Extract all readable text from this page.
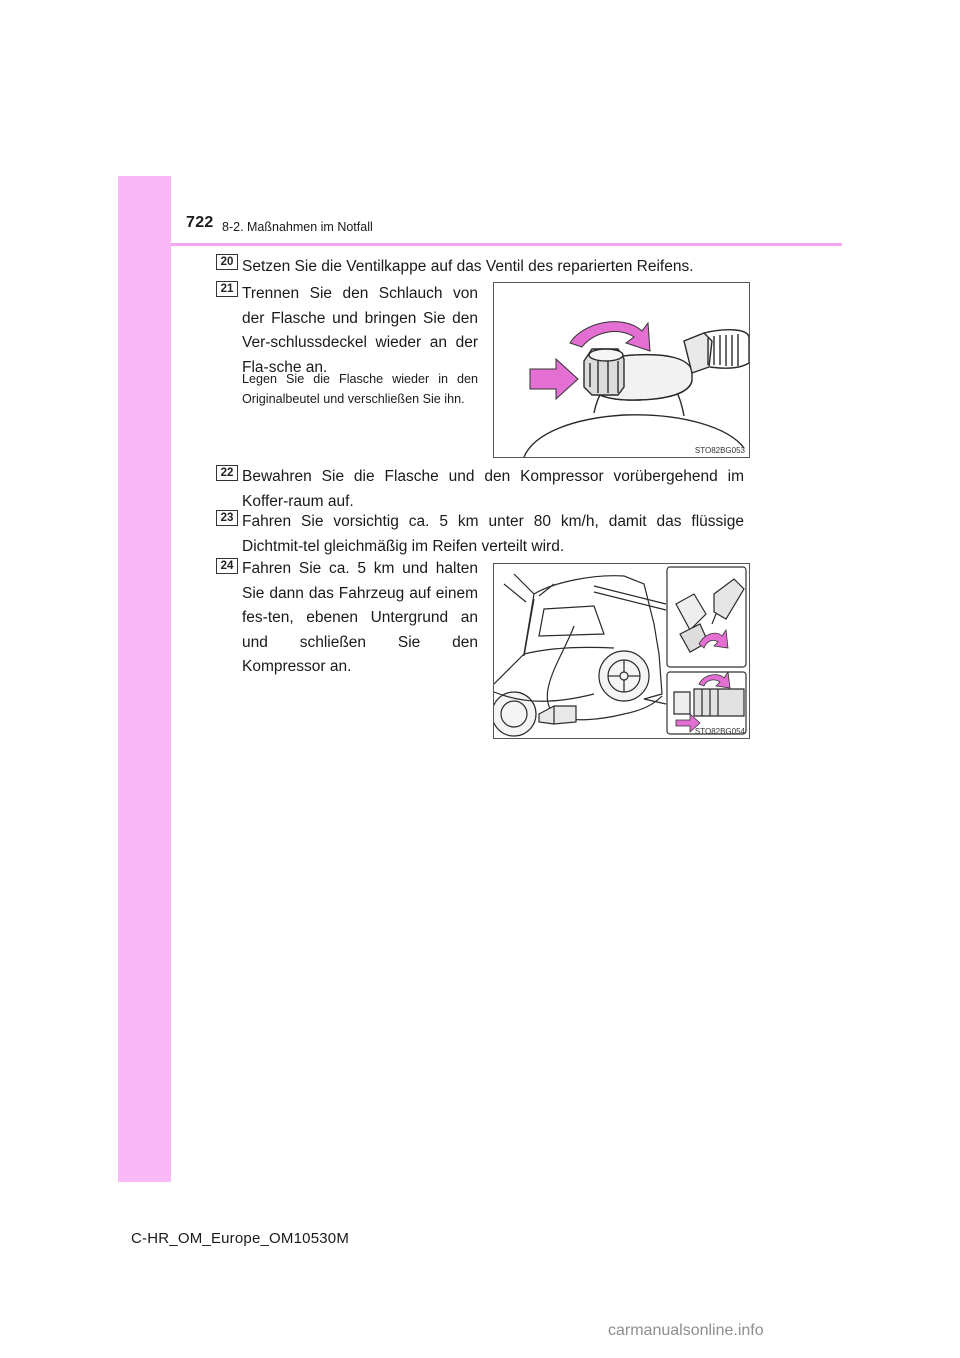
722 8-2. Maßnahmen im Notfall
20 Setzen Sie die Ventilkappe auf das Ventil des reparierten Reifens.
21 Trennen Sie den Schlauch von der Flasche und bringen Sie den Ver-schlussdeckel wieder an der Fla-sche an.
Legen Sie die Flasche wieder in den Originalbeutel und verschließen Sie ihn.
STO82BG053
22 Bewahren Sie die Flasche und den Kompressor vorübergehend im Koffer-raum auf.
23 Fahren Sie vorsichtig ca. 5 km unter 80 km/h, damit das flüssige Dichtmit-tel gleichmäßig im Reifen verteilt wird.
24 Fahren Sie ca. 5 km und halten Sie dann das Fahrzeug auf einem fes-ten, ebenen Untergrund an und schließen Sie den Kompressor an.
STO82BG054
C-HR_OM_Europe_OM10530M
carmanualsonline.info
